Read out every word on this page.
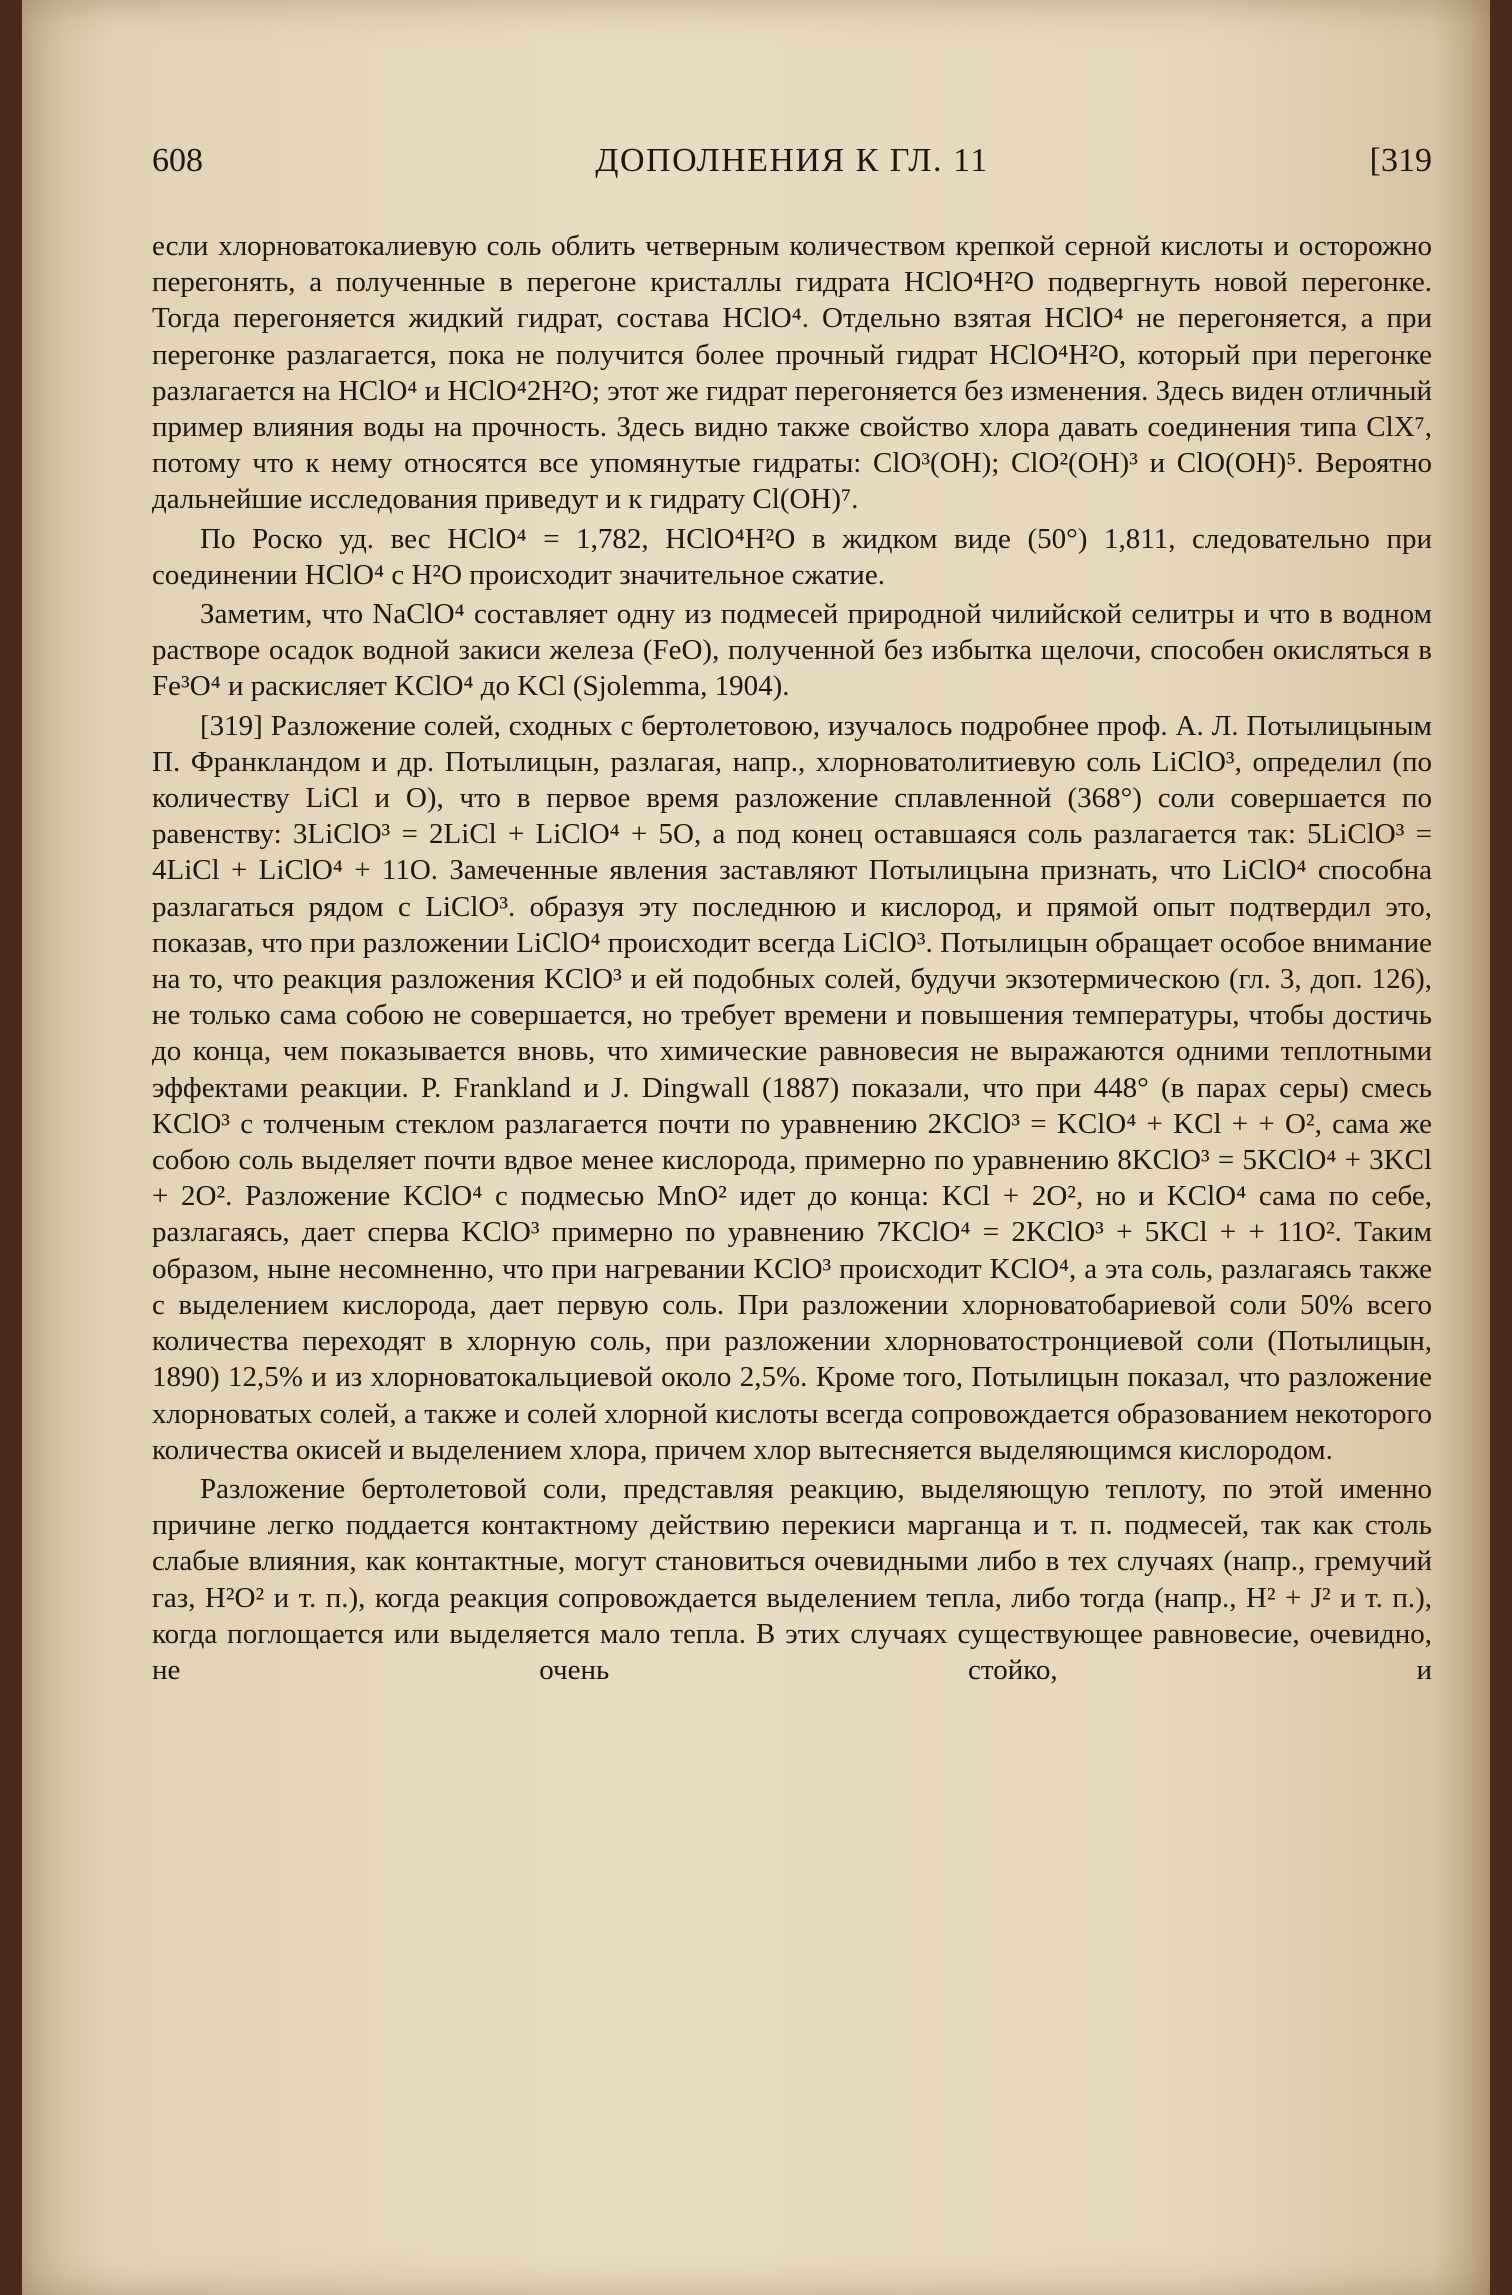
608	ДОПОЛНЕНИЯ К ГЛ. 11	[319

если хлорноватокалиевую соль облить четверным количеством крепкой серной кислоты и осторожно перегонять, а полученные в перегоне кристаллы гидрата HClO⁴H²O подвергнуть новой перегонке. Тогда перегоняется жидкий гидрат, состава HClO⁴. Отдельно взятая HClO⁴ не перегоняется, а при перегонке разлагается, пока не получится более прочный гидрат HClO⁴H²O, который при перегонке разлагается на HClO⁴ и HClO⁴2H²O; этот же гидрат перегоняется без изменения. Здесь виден отличный пример влияния воды на прочность. Здесь видно также свойство хлора давать соединения типа ClX⁷, потому что к нему относятся все упомянутые гидраты: ClO³(OH); ClO²(OH)³ и ClO(OH)⁵. Вероятно дальнейшие исследования приведут и к гидрату Cl(OH)⁷.

По Роско уд. вес HClO⁴ = 1,782, HClO⁴H²O в жидком виде (50°) 1,811, следовательно при соединении HClO⁴ с H²O происходит значительное сжатие.

Заметим, что NaClO⁴ составляет одну из подмесей природной чилийской селитры и что в водном растворе осадок водной закиси железа (FeO), полученной без избытка щелочи, способен окисляться в Fe³O⁴ и раскисляет KClO⁴ до KCl (Sjolemma, 1904).

[319] Разложение солей, сходных с бертолетовою, изучалось подробнее проф. А. Л. Потылицыным П. Франкландом и др. Потылицын, разлагая, напр., хлорноватолитиевую соль LiClO³, определил (по количеству LiCl и O), что в первое время разложение сплавленной (368°) соли совершается по равенству: 3LiClO³ = 2LiCl + LiClO⁴ + 5O, а под конец оставшаяся соль разлагается так: 5LiClO³ = 4LiCl + LiClO⁴ + 11O. Замеченные явления заставляют Потылицына признать, что LiClO⁴ способна разлагаться рядом с LiClO³. образуя эту последнюю и кислород, и прямой опыт подтвердил это, показав, что при разложении LiClO⁴ происходит всегда LiClO³. Потылицын обращает особое внимание на то, что реакция разложения KClO³ и ей подобных солей, будучи экзотермическою (гл. 3, доп. 126), не только сама собою не совершается, но требует времени и повышения температуры, чтобы достичь до конца, чем показывается вновь, что химические равновесия не выражаются одними теплотными эффектами реакции. P. Frankland и J. Dingwall (1887) показали, что при 448° (в парах серы) смесь KClO³ с толченым стеклом разлагается почти по уравнению 2KClO³ = KClO⁴ + KCl + + O², сама же собою соль выделяет почти вдвое менее кислорода, примерно по уравнению 8KClO³ = 5KClO⁴ + 3KCl + 2O². Разложение KClO⁴ с подмесью MnO² идет до конца: KCl + 2O², но и KClO⁴ сама по себе, разлагаясь, дает сперва KClO³ примерно по уравнению 7KClO⁴ = 2KClO³ + 5KCl + + 11O². Таким образом, ныне несомненно, что при нагревании KClO³ происходит KClO⁴, а эта соль, разлагаясь также с выделением кислорода, дает первую соль. При разложении хлорноватобариевой соли 50% всего количества переходят в хлорную соль, при разложении хлорноватостронциевой соли (Потылицын, 1890) 12,5% и из хлорноватокальциевой около 2,5%. Кроме того, Потылицын показал, что разложение хлорноватых солей, а также и солей хлорной кислоты всегда сопровождается образованием некоторого количества окисей и выделением хлора, причем хлор вытесняется выделяющимся кислородом.

Разложение бертолетовой соли, представляя реакцию, выделяющую теплоту, по этой именно причине легко поддается контактному действию перекиси марганца и т. п. подмесей, так как столь слабые влияния, как контактные, могут становиться очевидными либо в тех случаях (напр., гремучий газ, H²O² и т. п.), когда реакция сопровождается выделением тепла, либо тогда (напр., H² + J² и т. п.), когда поглощается или выделяется мало тепла. В этих случаях существующее равновесие, очевидно, не очень стойко, и
